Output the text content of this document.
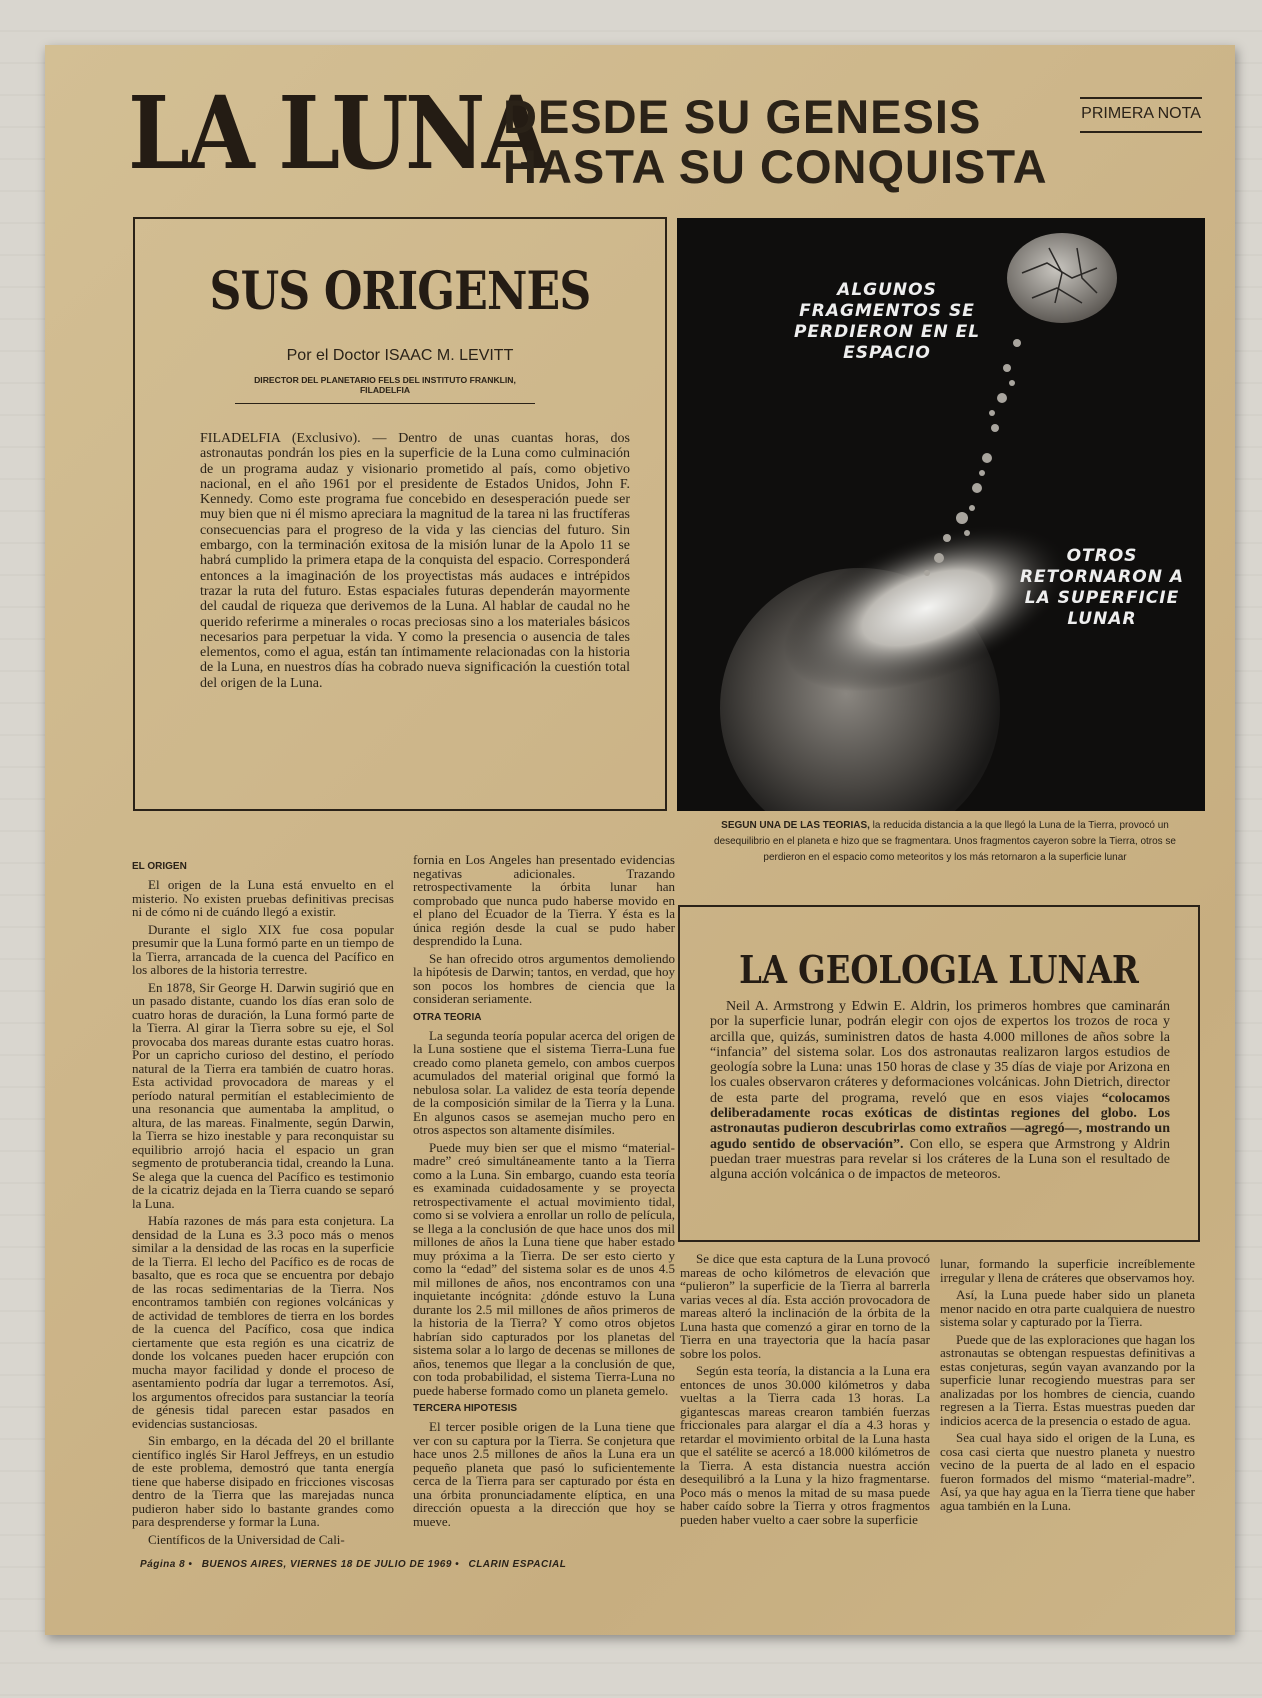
LA LUNA
DESDE SU GENESIS
HASTA SU CONQUISTA
PRIMERA NOTA
SUS ORIGENES
Por el Doctor ISAAC M. LEVITT
DIRECTOR DEL PLANETARIO FELS DEL INSTITUTO FRANKLIN, FILADELFIA

FILADELFIA (Exclusivo). — Dentro de unas cuantas horas, dos astronautas pondrán los pies en la superficie de la Luna como culminación de un programa audaz y visionario prometido al país, como objetivo nacional, en el año 1961 por el presidente de Estados Unidos, John F. Kennedy. Como este programa fue concebido en desesperación puede ser muy bien que ni él mismo apreciara la magnitud de la tarea ni las fructíferas consecuencias para el progreso de la vida y las ciencias del futuro. Sin embargo, con la terminación exitosa de la misión lunar de la Apolo 11 se habrá cumplido la primera etapa de la conquista del espacio. Corresponderá entonces a la imaginación de los proyectistas más audaces e intrépidos trazar la ruta del futuro. Estas espaciales futuras dependerán mayormente del caudal de riqueza que derivemos de la Luna. Al hablar de caudal no he querido referirme a minerales o rocas preciosas sino a los materiales básicos necesarios para perpetuar la vida. Y como la presencia o ausencia de tales elementos, como el agua, están tan íntimamente relacionadas con la historia de la Luna, en nuestros días ha cobrado nueva significación la cuestión total del origen de la Luna.

ALGUNOS FRAGMENTOS SE PERDIERON EN EL ESPACIO
OTROS RETORNARON A LA SUPERFICIE LUNAR
SEGUN UNA DE LAS TEORIAS, la reducida distancia a la que llegó la Luna de la Tierra, provocó un desequilibrio en el planeta e hizo que se fragmentara. Unos fragmentos cayeron sobre la Tierra, otros se perdieron en el espacio como meteoritos y los más retornaron a la superficie lunar
EL ORIGEN

El origen de la Luna está envuelto en el misterio. No existen pruebas definitivas precisas ni de cómo ni de cuándo llegó a existir.

Durante el siglo XIX fue cosa popular presumir que la Luna formó parte en un tiempo de la Tierra, arrancada de la cuenca del Pacífico en los albores de la historia terrestre.

En 1878, Sir George H. Darwin sugirió que en un pasado distante, cuando los días eran solo de cuatro horas de duración, la Luna formó parte de la Tierra. Al girar la Tierra sobre su eje, el Sol provocaba dos mareas durante estas cuatro horas. Por un capricho curioso del destino, el período natural de la Tierra era también de cuatro horas. Esta actividad provocadora de mareas y el período natural permitían el establecimiento de una resonancia que aumentaba la amplitud, o altura, de las mareas. Finalmente, según Darwin, la Tierra se hizo inestable y para reconquistar su equilibrio arrojó hacia el espacio un gran segmento de protuberancia tidal, creando la Luna. Se alega que la cuenca del Pacífico es testimonio de la cicatriz dejada en la Tierra cuando se separó la Luna.

Había razones de más para esta conjetura. La densidad de la Luna es 3.3 poco más o menos similar a la densidad de las rocas en la superficie de la Tierra. El lecho del Pacífico es de rocas de basalto, que es roca que se encuentra por debajo de las rocas sedimentarias de la Tierra. Nos encontramos también con regiones volcánicas y de actividad de temblores de tierra en los bordes de la cuenca del Pacífico, cosa que indica ciertamente que esta región es una cicatriz de donde los volcanes pueden hacer erupción con mucha mayor facilidad y donde el proceso de asentamiento podría dar lugar a terremotos. Así, los argumentos ofrecidos para sustanciar la teoría de génesis tidal parecen estar pasados en evidencias sustanciosas.

Sin embargo, en la década del 20 el brillante científico inglés Sir Harol Jeffreys, en un estudio de este problema, demostró que tanta energía tiene que haberse disipado en fricciones viscosas dentro de la Tierra que las marejadas nunca pudieron haber sido lo bastante grandes como para desprenderse y formar la Luna.

Científicos de la Universidad de Cali-

fornia en Los Angeles han presentado evidencias negativas adicionales. Trazando retrospectivamente la órbita lunar han comprobado que nunca pudo haberse movido en el plano del Ecuador de la Tierra. Y ésta es la única región desde la cual se pudo haber desprendido la Luna.

Se han ofrecido otros argumentos demoliendo la hipótesis de Darwin; tantos, en verdad, que hoy son pocos los hombres de ciencia que la consideran seriamente.

OTRA TEORIA

La segunda teoría popular acerca del origen de la Luna sostiene que el sistema Tierra-Luna fue creado como planeta gemelo, con ambos cuerpos acumulados del material original que formó la nebulosa solar. La validez de esta teoría depende de la composición similar de la Tierra y la Luna. En algunos casos se asemejan mucho pero en otros aspectos son altamente disímiles.

Puede muy bien ser que el mismo “material-madre” creó simultáneamente tanto a la Tierra como a la Luna. Sin embargo, cuando esta teoría es examinada cuidadosamente y se proyecta retrospectivamente el actual movimiento tidal, como si se volviera a enrollar un rollo de película, se llega a la conclusión de que hace unos dos mil millones de años la Luna tiene que haber estado muy próxima a la Tierra. De ser esto cierto y como la “edad” del sistema solar es de unos 4.5 mil millones de años, nos encontramos con una inquietante incógnita: ¿dónde estuvo la Luna durante los 2.5 mil millones de años primeros de la historia de la Tierra? Y como otros objetos habrían sido capturados por los planetas del sistema solar a lo largo de decenas se millones de años, tenemos que llegar a la conclusión de que, con toda probabilidad, el sistema Tierra-Luna no puede haberse formado como un planeta gemelo.

TERCERA HIPOTESIS

El tercer posible origen de la Luna tiene que ver con su captura por la Tierra. Se conjetura que hace unos 2.5 millones de años la Luna era un pequeño planeta que pasó lo suficientemente cerca de la Tierra para ser capturado por ésta en una órbita pronunciadamente elíptica, en una dirección opuesta a la dirección que hoy se mueve.

LA GEOLOGIA LUNAR

Neil A. Armstrong y Edwin E. Aldrin, los primeros hombres que caminarán por la superficie lunar, podrán elegir con ojos de expertos los trozos de roca y arcilla que, quizás, suministren datos de hasta 4.000 millones de años sobre la “infancia” del sistema solar. Los dos astronautas realizaron largos estudios de geología sobre la Luna: unas 150 horas de clase y 35 días de viaje por Arizona en los cuales observaron cráteres y deformaciones volcánicas. John Dietrich, director de esta parte del programa, reveló que en esos viajes “colocamos deliberadamente rocas exóticas de distintas regiones del globo. Los astronautas pudieron descubrirlas como extraños —agregó—, mostrando un agudo sentido de observación”. Con ello, se espera que Armstrong y Aldrin puedan traer muestras para revelar si los cráteres de la Luna son el resultado de alguna acción volcánica o de impactos de meteoros.

Se dice que esta captura de la Luna provocó mareas de ocho kilómetros de elevación que “pulieron” la superficie de la Tierra al barrerla varias veces al día. Esta acción provocadora de mareas alteró la inclinación de la órbita de la Luna hasta que comenzó a girar en torno de la Tierra en una trayectoria que la hacía pasar sobre los polos.

Según esta teoría, la distancia a la Luna era entonces de unos 30.000 kilómetros y daba vueltas a la Tierra cada 13 horas. La gigantescas mareas crearon también fuerzas friccionales para alargar el día a 4.3 horas y retardar el movimiento orbital de la Luna hasta que el satélite se acercó a 18.000 kilómetros de la Tierra. A esta distancia nuestra acción desequilibró a la Luna y la hizo fragmentarse. Poco más o menos la mitad de su masa puede haber caído sobre la Tierra y otros fragmentos pueden haber vuelto a caer sobre la superficie

lunar, formando la superficie increíblemente irregular y llena de cráteres que observamos hoy.

Así, la Luna puede haber sido un planeta menor nacido en otra parte cualquiera de nuestro sistema solar y capturado por la Tierra.

Puede que de las exploraciones que hagan los astronautas se obtengan respuestas definitivas a estas conjeturas, según vayan avanzando por la superficie lunar recogiendo muestras para ser analizadas por los hombres de ciencia, cuando regresen a la Tierra. Estas muestras pueden dar indicios acerca de la presencia o estado de agua.

Sea cual haya sido el origen de la Luna, es cosa casi cierta que nuestro planeta y nuestro vecino de la puerta de al lado en el espacio fueron formados del mismo “material-madre”. Así, ya que hay agua en la Tierra tiene que haber agua también en la Luna.

Página 8 • BUENOS AIRES, VIERNES 18 DE JULIO DE 1969 • CLARIN ESPACIAL
